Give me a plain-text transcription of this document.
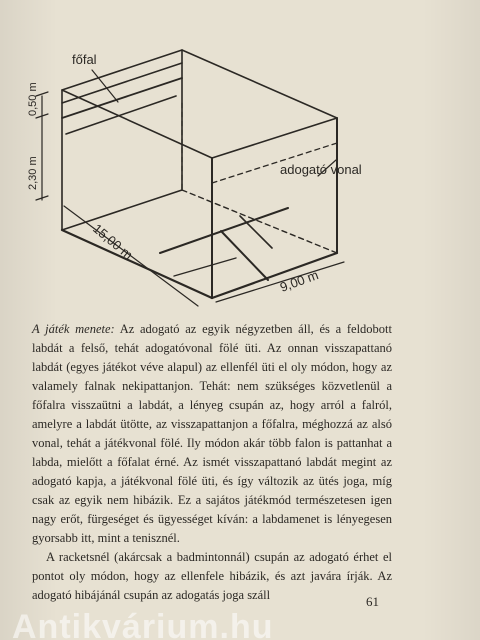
főfal
adogató vonal
0,50 m
2,30 m
15,00 m
9,00 m

A játék menete: Az adogató az egyik négyzetben áll, és a feldobott labdát a felső, tehát adogatóvonal fölé üti. Az onnan visszapattanó labdát (egyes játékot véve alapul) az ellenfél üti el oly módon, hogy az valamely falnak nekipattanjon. Tehát: nem szükséges közvetlenül a főfalra visszaütni a labdát, a lényeg csupán az, hogy arról a falról, amelyre a labdát ütötte, az visszapattanjon a főfalra, méghozzá az alsó vonal, tehát a játékvonal fölé. Ily módon akár több falon is pattanhat a labda, mielőtt a főfalat érné. Az ismét visszapattanó labdát megint az adogató kapja, a játékvonal fölé üti, és így változik az ütés joga, míg csak az egyik nem hibázik. Ez a sajátos játékmód természetesen igen nagy erőt, fürgeséget és ügyességet kíván: a labdamenet is lényegesen gyorsabb itt, mint a tenisznél.

A racketsnél (akárcsak a badmintonnál) csupán az adogató érhet el pontot oly módon, hogy az ellenfele hibázik, és azt javára írják. Az adogató hibájánál csupán az adogatás joga száll	61
Antikvárium.hu
